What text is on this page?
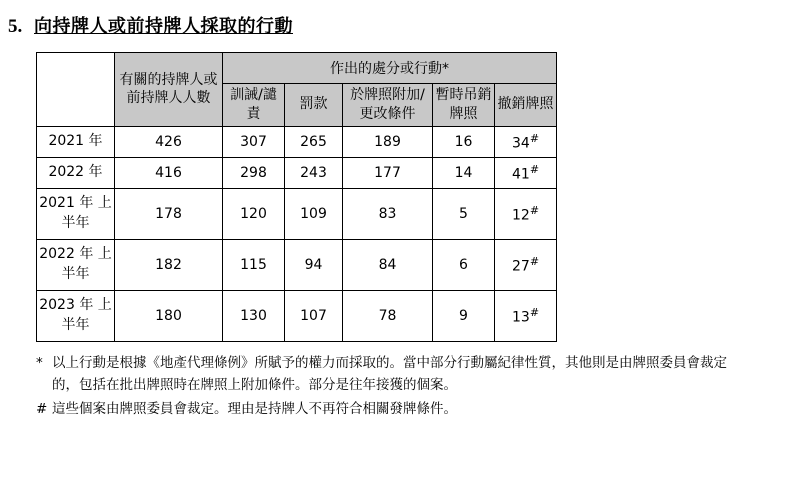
5. 向持牌人或前持牌人採取的行動
	有關的持牌人或前持牌人人數	作出的處分或行動*				
		訓誡/譴責	罰款	於牌照附加/更改條件	暫時吊銷牌照	撤銷牌照
2021 年	426	307	265	189	16	34#
2022 年	416	298	243	177	14	41#
2021 年 上半年	178	120	109	83	5	12#
2022 年 上半年	182	115	94	84	6	27#
2023 年 上半年	180	130	107	78	9	13#
* 以上行動是根據《地產代理條例》所賦予的權力而採取的。當中部分行動屬紀律性質，其他則是由牌照委員會裁定的，包括在批出牌照時在牌照上附加條件。部分是往年接獲的個案。
# 這些個案由牌照委員會裁定。理由是持牌人不再符合相關發牌條件。
